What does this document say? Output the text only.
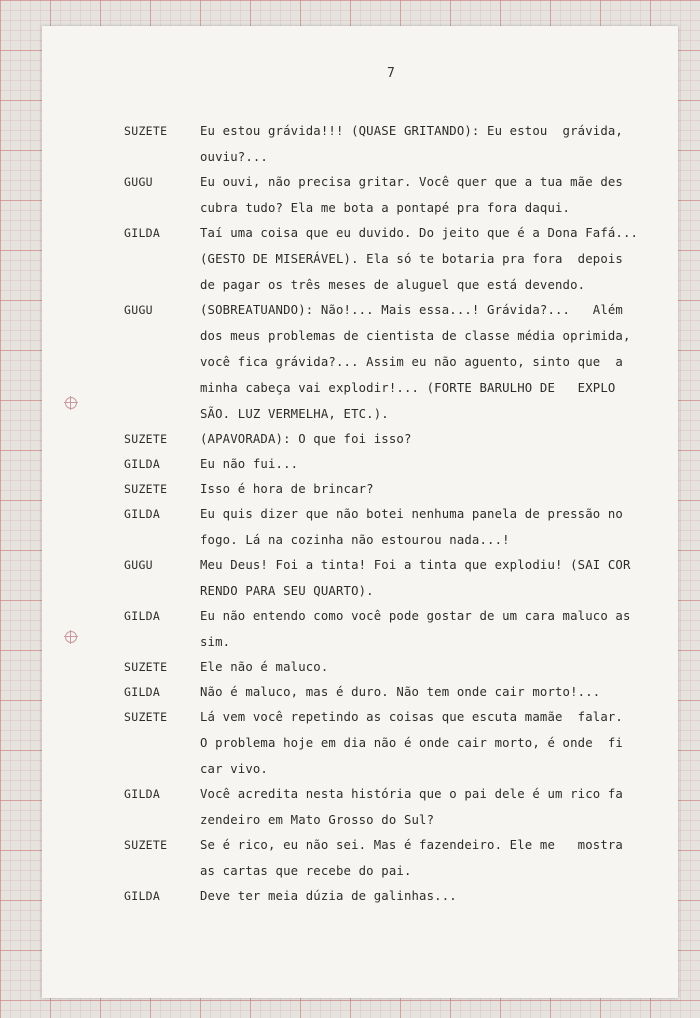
7
SUZETE	Eu estou grávida!!! (QUASE GRITANDO): Eu estou  grávida,
ouviu?...
GUGU	Eu ouvi, não precisa gritar. Você quer que a tua mãe des
cubra tudo? Ela me bota a pontapé pra fora daqui.
GILDA	Taí uma coisa que eu duvido. Do jeito que é a Dona Fafá...
(GESTO DE MISERÁVEL). Ela só te botaria pra fora  depois
de pagar os três meses de aluguel que está devendo.
GUGU	(SOBREATUANDO): Não!... Mais essa...! Grávida?...   Além
dos meus problemas de cientista de classe média oprimida,
você fica grávida?... Assim eu não aguento, sinto que  a
minha cabeça vai explodir!... (FORTE BARULHO DE   EXPLO
SÃO. LUZ VERMELHA, ETC.).
SUZETE	(APAVORADA): O que foi isso?
GILDA	Eu não fui...
SUZETE	Isso é hora de brincar?
GILDA	Eu quis dizer que não botei nenhuma panela de pressão no
fogo. Lá na cozinha não estourou nada...!
GUGU	Meu Deus! Foi a tinta! Foi a tinta que explodiu! (SAI COR
RENDO PARA SEU QUARTO).
GILDA	Eu não entendo como você pode gostar de um cara maluco as
sim.
SUZETE	Ele não é maluco.
GILDA	Não é maluco, mas é duro. Não tem onde cair morto!...
SUZETE	Lá vem você repetindo as coisas que escuta mamãe  falar.
O problema hoje em dia não é onde cair morto, é onde  fi
car vivo.
GILDA	Você acredita nesta história que o pai dele é um rico fa
zendeiro em Mato Grosso do Sul?
SUZETE	Se é rico, eu não sei. Mas é fazendeiro. Ele me   mostra
as cartas que recebe do pai.
GILDA	Deve ter meia dúzia de galinhas...
